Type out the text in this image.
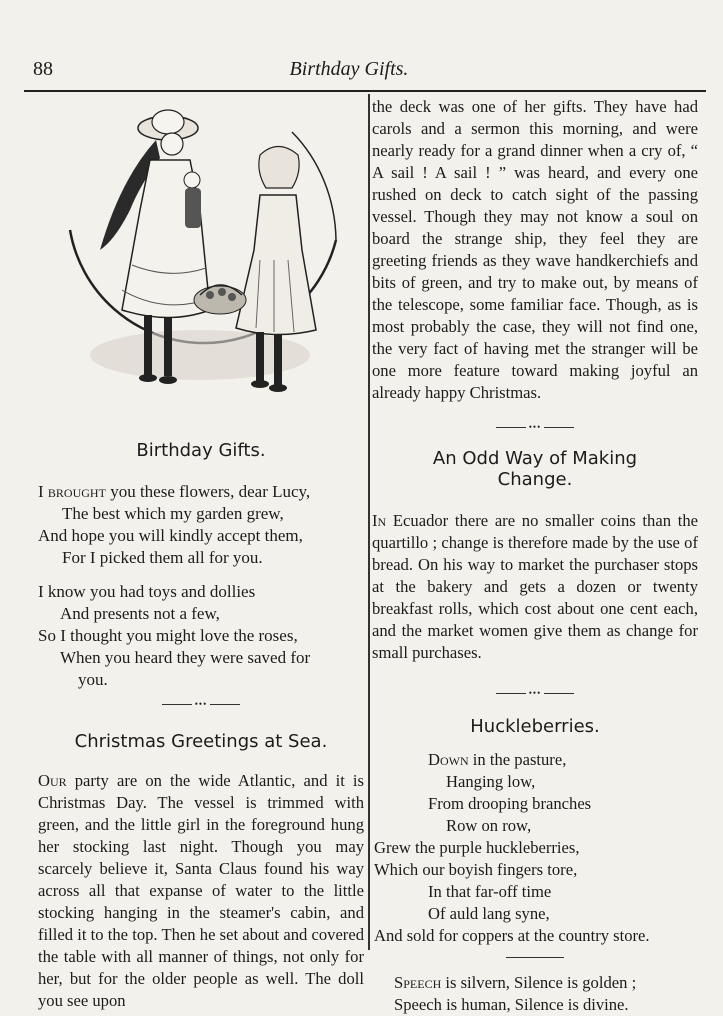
88	Birthday Gifts.
Birthday Gifts.
I brought you these flowers, dear Lucy,
The best which my garden grew,
And hope you will kindly accept them,
For I picked them all for you.
I know you had toys and dollies
And presents not a few,
So I thought you might love the roses,
When you heard they were saved for
you.
•••
Christmas Greetings at Sea.
Our party are on the wide Atlantic, and it is Christmas Day. The vessel is trimmed with green, and the little girl in the foreground hung her stocking last night. Though you may scarcely believe it, Santa Claus found his way across all that expanse of water to the little stocking hanging in the steamer's cabin, and filled it to the top. Then he set about and covered the table with all manner of things, not only for her, but for the older people as well. The doll you see upon
the deck was one of her gifts. They have had carols and a sermon this morning, and were nearly ready for a grand dinner when a cry of, “ A sail ! A sail ! ” was heard, and every one rushed on deck to catch sight of the passing vessel. Though they may not know a soul on board the strange ship, they feel they are greeting friends as they wave handkerchiefs and bits of green, and try to make out, by means of the telescope, some familiar face. Though, as is most probably the case, they will not find one, the very fact of having met the stranger will be one more feature toward making joyful an already happy Christmas.
•••
An Odd Way of Making
Change.
In Ecuador there are no smaller coins than the quartillo ; change is therefore made by the use of bread. On his way to market the purchaser stops at the bakery and gets a dozen or twenty breakfast rolls, which cost about one cent each, and the market women give them as change for small purchases.
•••
Huckleberries.
Down in the pasture,
Hanging low,
From drooping branches
Row on row,
Grew the purple huckleberries,
Which our boyish fingers tore,
In that far-off time
Of auld lang syne,
And sold for coppers at the country store.
Speech is silvern, Silence is golden ;
Speech is human, Silence is divine.
